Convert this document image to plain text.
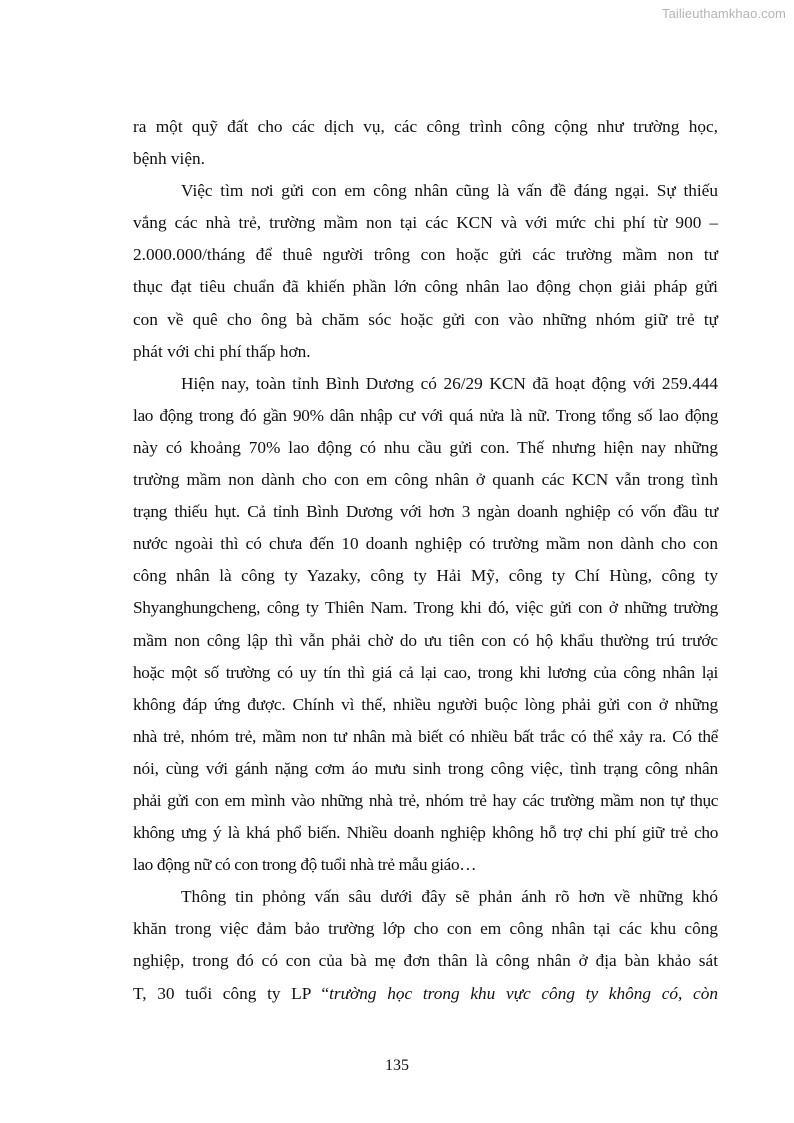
Tailieuthamkhao.com

ra một quỹ đất cho các dịch vụ, các công trình công cộng như trường học,
bệnh viện.

Việc tìm nơi gửi con em công nhân cũng là vấn đề đáng ngại. Sự thiếu
vắng các nhà trẻ, trường mầm non tại các KCN và với mức chi phí từ 900 –
2.000.000/tháng để thuê người trông con hoặc gửi các trường mầm non tư
thục đạt tiêu chuẩn đã khiến phần lớn công nhân lao động chọn giải pháp gửi
con về quê cho ông bà chăm sóc hoặc gửi con vào những nhóm giữ trẻ tự
phát với chi phí thấp hơn.

Hiện nay, toàn tỉnh Bình Dương có 26/29 KCN đã hoạt động với 259.444
lao động trong đó gần 90% dân nhập cư với quá nửa là nữ. Trong tổng số lao động
này có khoảng 70% lao động có nhu cầu gửi con. Thế nhưng hiện nay những
trường mầm non dành cho con em công nhân ở quanh các KCN vẫn trong tình
trạng thiếu hụt. Cả tỉnh Bình Dương với hơn 3 ngàn doanh nghiệp có vốn đầu tư
nước ngoài thì có chưa đến 10 doanh nghiệp có trường mầm non dành cho con
công nhân là công ty Yazaky, công ty Hải Mỹ, công ty Chí Hùng, công ty
Shyanghungcheng, công ty Thiên Nam. Trong khi đó, việc gửi con ở những trường
mầm non công lập thì vẫn phải chờ do ưu tiên con có hộ khẩu thường trú trước
hoặc một số trường có uy tín thì giá cả lại cao, trong khi lương của công nhân lại
không đáp ứng được. Chính vì thế, nhiều người buộc lòng phải gửi con ở những
nhà trẻ, nhóm trẻ, mầm non tư nhân mà biết có nhiều bất trắc có thể xảy ra. Có thể
nói, cùng với gánh nặng cơm áo mưu sinh trong công việc, tình trạng công nhân
phải gửi con em mình vào những nhà trẻ, nhóm trẻ hay các trường mầm non tự thục
không ưng ý là khá phổ biến. Nhiều doanh nghiệp không hỗ trợ chi phí giữ trẻ cho
lao động nữ có con trong độ tuổi nhà trẻ mẫu giáo…

Thông tin phỏng vấn sâu dưới đây sẽ phản ánh rõ hơn về những khó
khăn trong việc đảm bảo trường lớp cho con em công nhân tại các khu công
nghiệp, trong đó có con của bà mẹ đơn thân là công nhân ở địa bàn khảo sát
T, 30 tuổi công ty LP “trường học trong khu vực công ty không có, còn

135
